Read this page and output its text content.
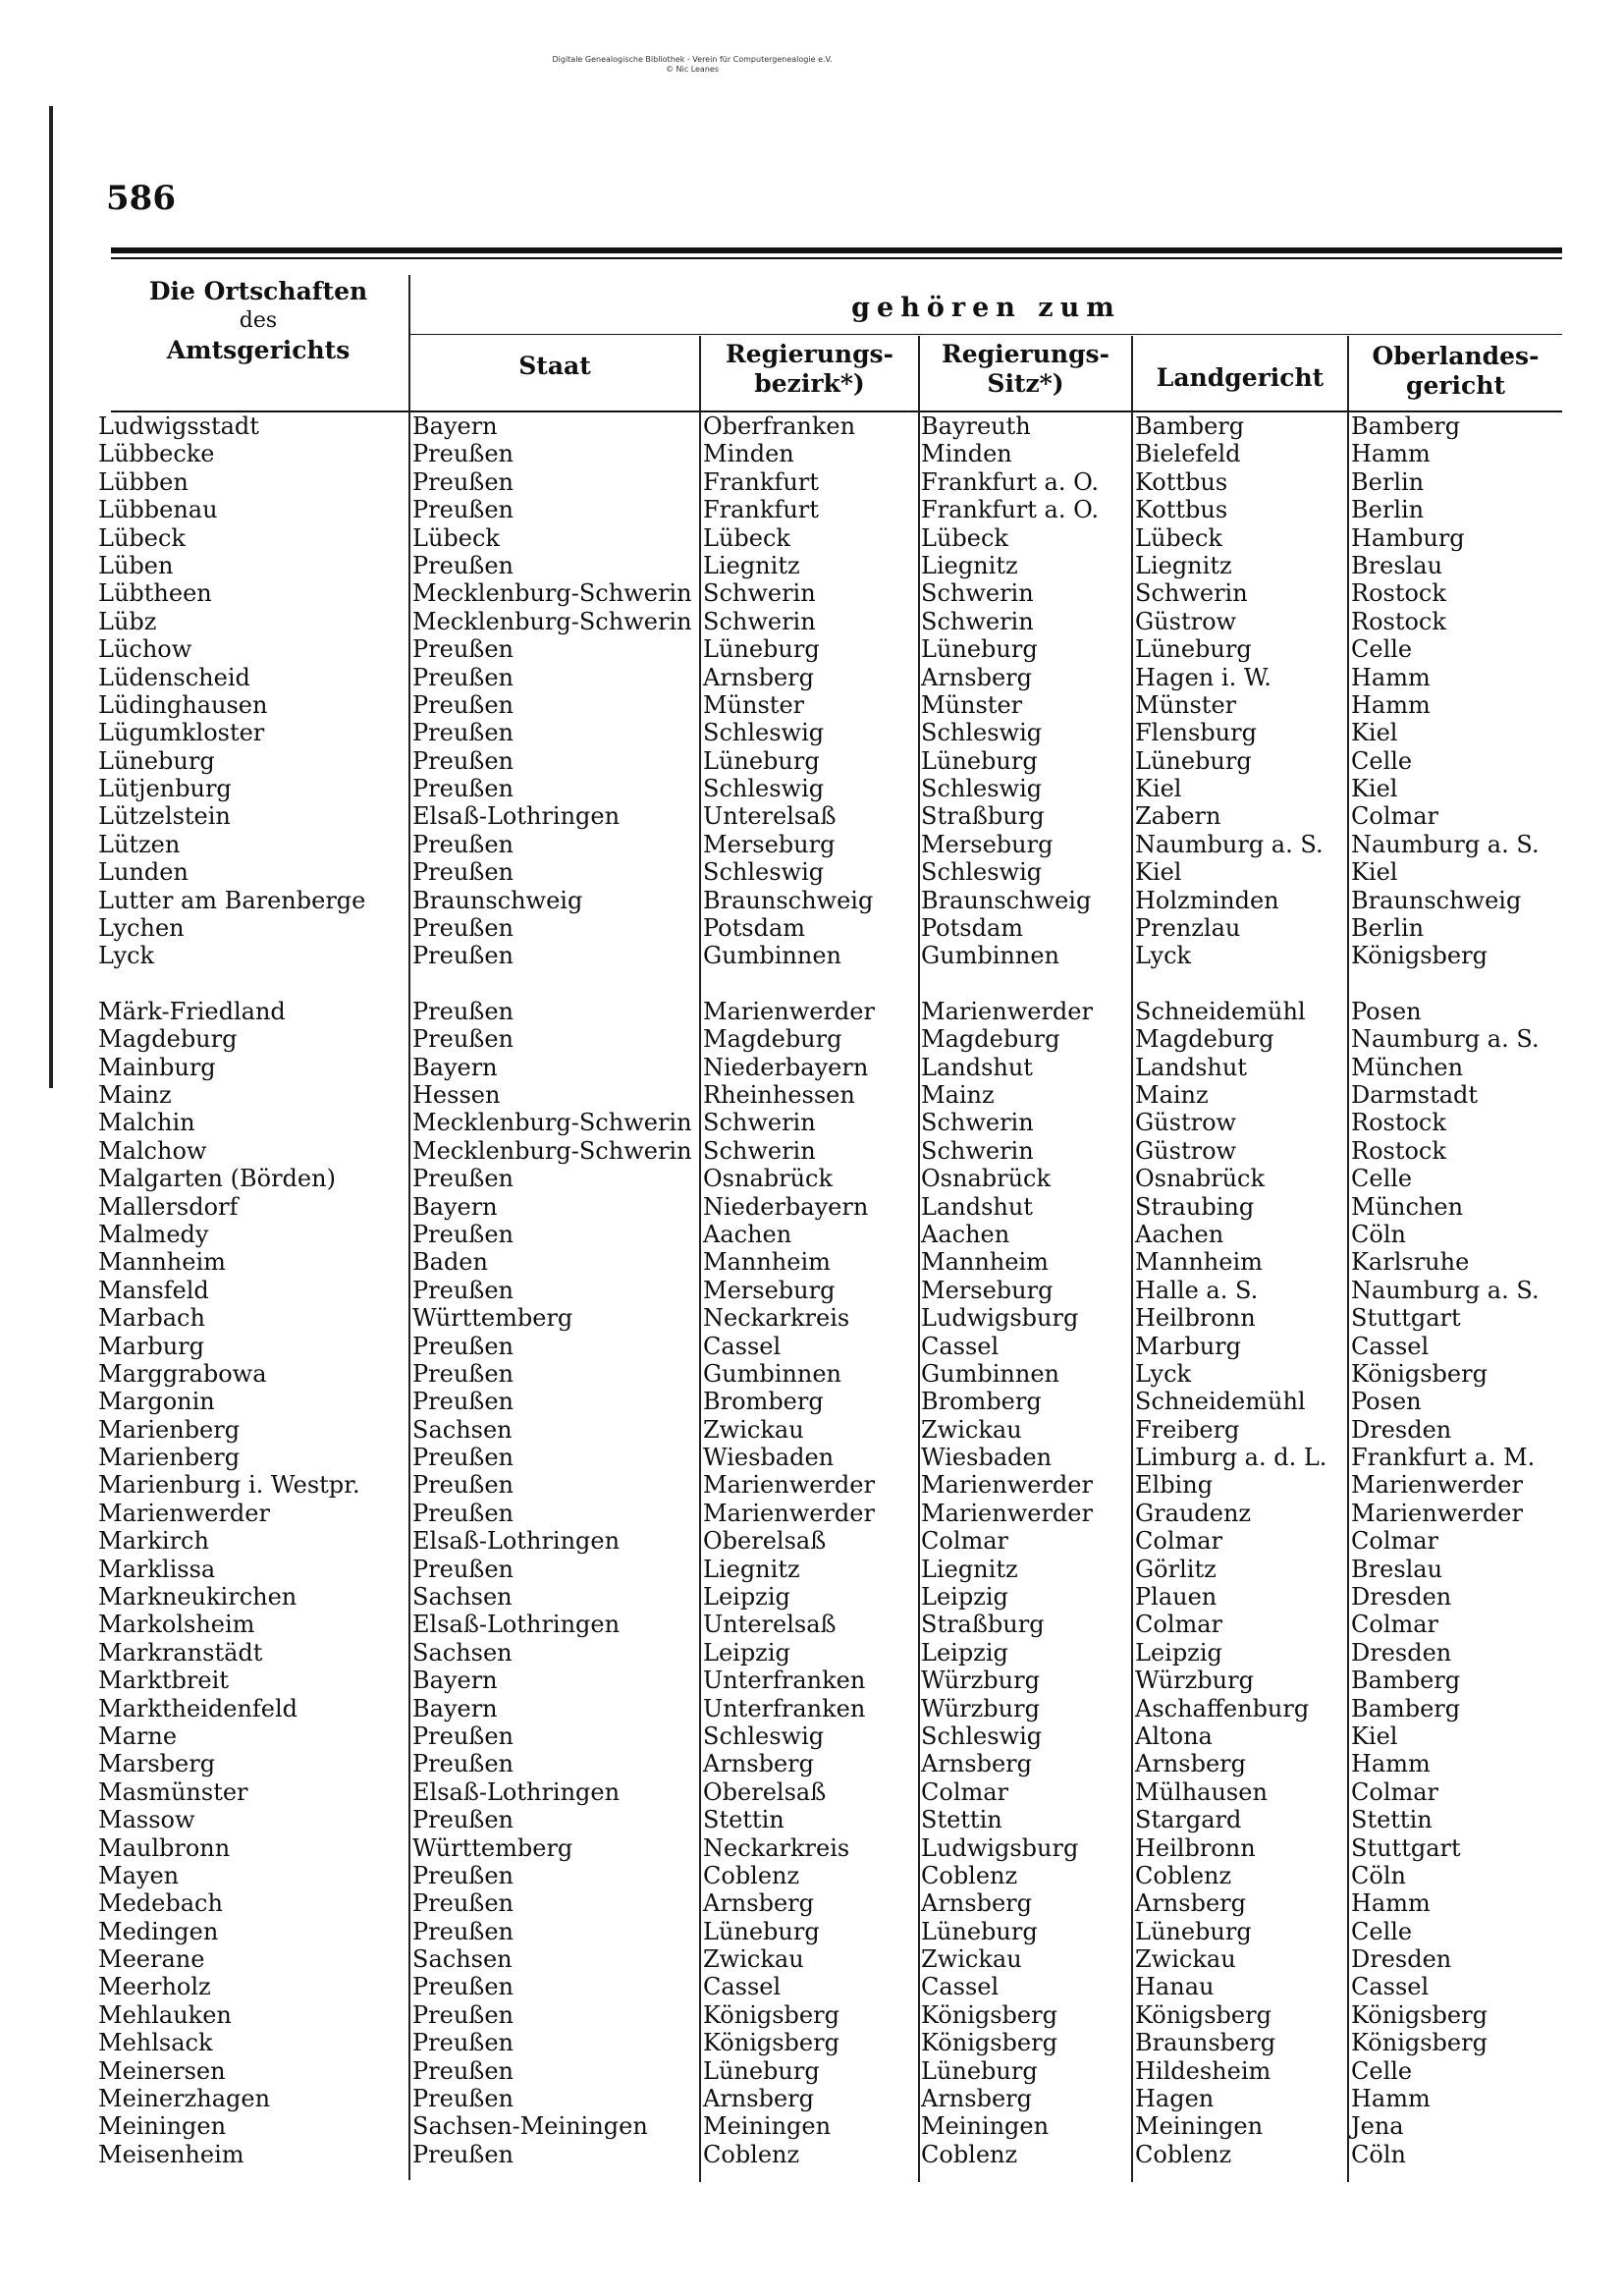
Digitale Genealogische Bibliothek - Verein für Computergenealogie e.V.
© Nic Leanes
586
Die Ortschaften
des
Amtsgerichts
gehören zum
Staat	Regierungs-
bezirk*)
Regierungs-
Sitz*)	Landgericht
Oberlandes-
gericht
Ludwigsstadt
Lübbecke
Lübben
Lübbenau
Lübeck
Lüben
Lübtheen
Lübz
Lüchow
Lüdenscheid
Lüdinghausen
Lügumkloster
Lüneburg
Lütjenburg
Lützelstein
Lützen
Lunden
Lutter am Barenberge
Lychen
Lyck
Märk-Friedland
Magdeburg
Mainburg
Mainz
Malchin
Malchow
Malgarten (Börden)
Mallersdorf
Malmedy
Mannheim
Mansfeld
Marbach
Marburg
Marggrabowa
Margonin
Marienberg
Marienberg
Marienburg i. Westpr.
Marienwerder
Markirch
Marklissa
Markneukirchen
Markolsheim
Markranstädt
Marktbreit
Marktheidenfeld
Marne
Marsberg
Masmünster
Massow
Maulbronn
Mayen
Medebach
Medingen
Meerane
Meerholz
Mehlauken
Mehlsack
Meinersen
Meinerzhagen
Meiningen
Meisenheim
Bayern
Preußen
Preußen
Preußen
Lübeck
Preußen
Mecklenburg-Schwerin
Mecklenburg-Schwerin
Preußen
Preußen
Preußen
Preußen
Preußen
Preußen
Elsaß-Lothringen
Preußen
Preußen
Braunschweig
Preußen
Preußen
Preußen
Preußen
Bayern
Hessen
Mecklenburg-Schwerin
Mecklenburg-Schwerin
Preußen
Bayern
Preußen
Baden
Preußen
Württemberg
Preußen
Preußen
Preußen
Sachsen
Preußen
Preußen
Preußen
Elsaß-Lothringen
Preußen
Sachsen
Elsaß-Lothringen
Sachsen
Bayern
Bayern
Preußen
Preußen
Elsaß-Lothringen
Preußen
Württemberg
Preußen
Preußen
Preußen
Sachsen
Preußen
Preußen
Preußen
Preußen
Preußen
Sachsen-Meiningen
Preußen
Oberfranken
Minden
Frankfurt
Frankfurt
Lübeck
Liegnitz
Schwerin
Schwerin
Lüneburg
Arnsberg
Münster
Schleswig
Lüneburg
Schleswig
Unterelsaß
Merseburg
Schleswig
Braunschweig
Potsdam
Gumbinnen
Marienwerder
Magdeburg
Niederbayern
Rheinhessen
Schwerin
Schwerin
Osnabrück
Niederbayern
Aachen
Mannheim
Merseburg
Neckarkreis
Cassel
Gumbinnen
Bromberg
Zwickau
Wiesbaden
Marienwerder
Marienwerder
Oberelsaß
Liegnitz
Leipzig
Unterelsaß
Leipzig
Unterfranken
Unterfranken
Schleswig
Arnsberg
Oberelsaß
Stettin
Neckarkreis
Coblenz
Arnsberg
Lüneburg
Zwickau
Cassel
Königsberg
Königsberg
Lüneburg
Arnsberg
Meiningen
Coblenz
Bayreuth
Minden
Frankfurt a. O.
Frankfurt a. O.
Lübeck
Liegnitz
Schwerin
Schwerin
Lüneburg
Arnsberg
Münster
Schleswig
Lüneburg
Schleswig
Straßburg
Merseburg
Schleswig
Braunschweig
Potsdam
Gumbinnen
Marienwerder
Magdeburg
Landshut
Mainz
Schwerin
Schwerin
Osnabrück
Landshut
Aachen
Mannheim
Merseburg
Ludwigsburg
Cassel
Gumbinnen
Bromberg
Zwickau
Wiesbaden
Marienwerder
Marienwerder
Colmar
Liegnitz
Leipzig
Straßburg
Leipzig
Würzburg
Würzburg
Schleswig
Arnsberg
Colmar
Stettin
Ludwigsburg
Coblenz
Arnsberg
Lüneburg
Zwickau
Cassel
Königsberg
Königsberg
Lüneburg
Arnsberg
Meiningen
Coblenz
Bamberg
Bielefeld
Kottbus
Kottbus
Lübeck
Liegnitz
Schwerin
Güstrow
Lüneburg
Hagen i. W.
Münster
Flensburg
Lüneburg
Kiel
Zabern
Naumburg a. S.
Kiel
Holzminden
Prenzlau
Lyck
Schneidemühl
Magdeburg
Landshut
Mainz
Güstrow
Güstrow
Osnabrück
Straubing
Aachen
Mannheim
Halle a. S.
Heilbronn
Marburg
Lyck
Schneidemühl
Freiberg
Limburg a. d. L.
Elbing
Graudenz
Colmar
Görlitz
Plauen
Colmar
Leipzig
Würzburg
Aschaffenburg
Altona
Arnsberg
Mülhausen
Stargard
Heilbronn
Coblenz
Arnsberg
Lüneburg
Zwickau
Hanau
Königsberg
Braunsberg
Hildesheim
Hagen
Meiningen
Coblenz
Bamberg
Hamm
Berlin
Berlin
Hamburg
Breslau
Rostock
Rostock
Celle
Hamm
Hamm
Kiel
Celle
Kiel
Colmar
Naumburg a. S.
Kiel
Braunschweig
Berlin
Königsberg
Posen
Naumburg a. S.
München
Darmstadt
Rostock
Rostock
Celle
München
Cöln
Karlsruhe
Naumburg a. S.
Stuttgart
Cassel
Königsberg
Posen
Dresden
Frankfurt a. M.
Marienwerder
Marienwerder
Colmar
Breslau
Dresden
Colmar
Dresden
Bamberg
Bamberg
Kiel
Hamm
Colmar
Stettin
Stuttgart
Cöln
Hamm
Celle
Dresden
Cassel
Königsberg
Königsberg
Celle
Hamm
Jena
Cöln
